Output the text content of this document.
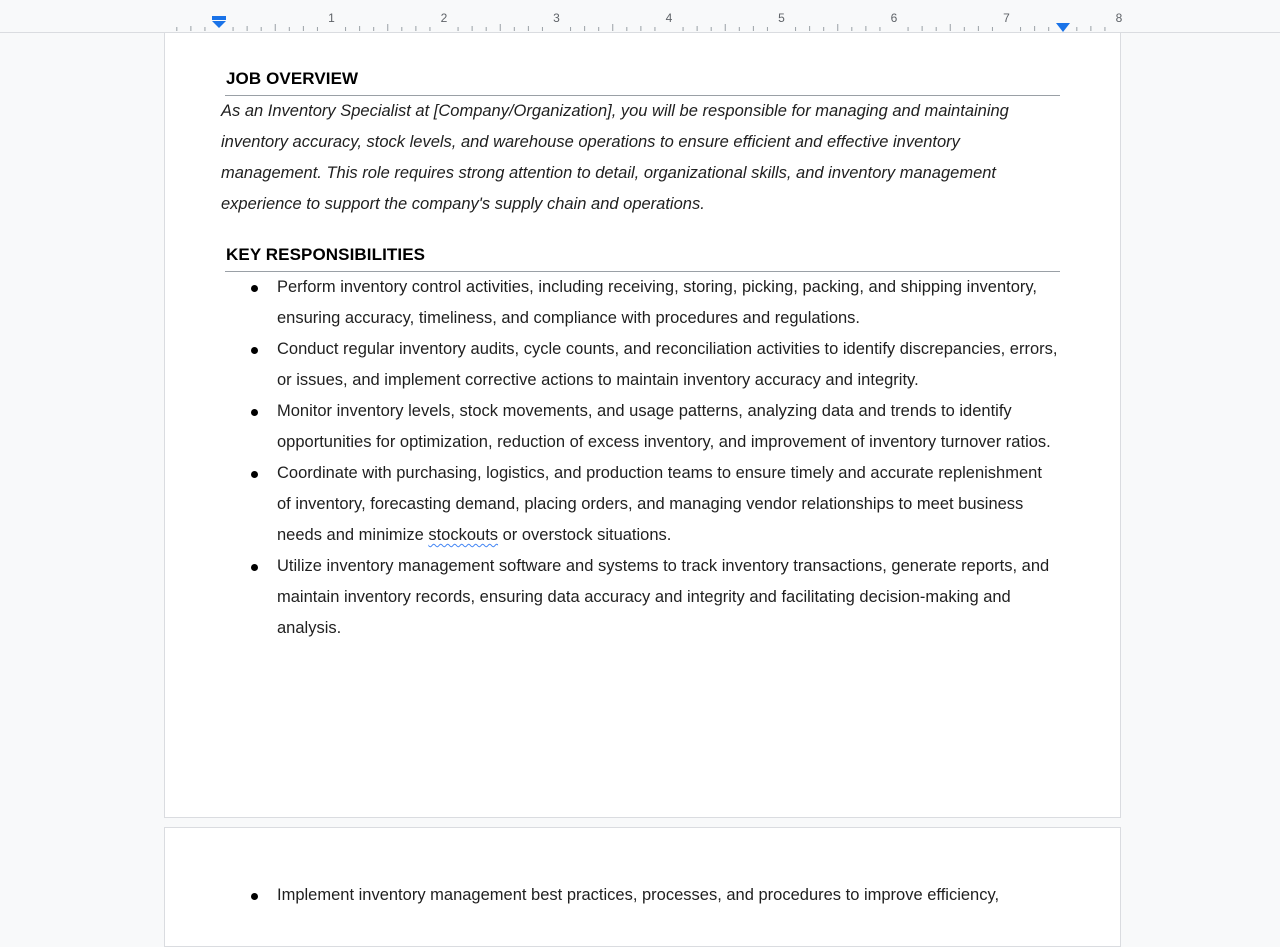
1	2	3	4	5	6	7	8
JOB OVERVIEW

As an Inventory Specialist at [Company/Organization], you will be responsible for managing and maintaining inventory accuracy, stock levels, and warehouse operations to ensure efficient and effective inventory management. This role requires strong attention to detail, organizational skills, and inventory management experience to support the company's supply chain and operations.

KEY RESPONSIBILITIES
Perform inventory control activities, including receiving, storing, picking, packing, and shipping inventory, ensuring accuracy, timeliness, and compliance with procedures and regulations.
Conduct regular inventory audits, cycle counts, and reconciliation activities to identify discrepancies, errors, or issues, and implement corrective actions to maintain inventory accuracy and integrity.
Monitor inventory levels, stock movements, and usage patterns, analyzing data and trends to identify opportunities for optimization, reduction of excess inventory, and improvement of inventory turnover ratios.
Coordinate with purchasing, logistics, and production teams to ensure timely and accurate replenishment of inventory, forecasting demand, placing orders, and managing vendor relationships to meet business needs and minimize stockouts or overstock situations.
Utilize inventory management software and systems to track inventory transactions, generate reports, and maintain inventory records, ensuring data accuracy and integrity and facilitating decision-making and analysis.
Implement inventory management best practices, processes, and procedures to improve efficiency,
